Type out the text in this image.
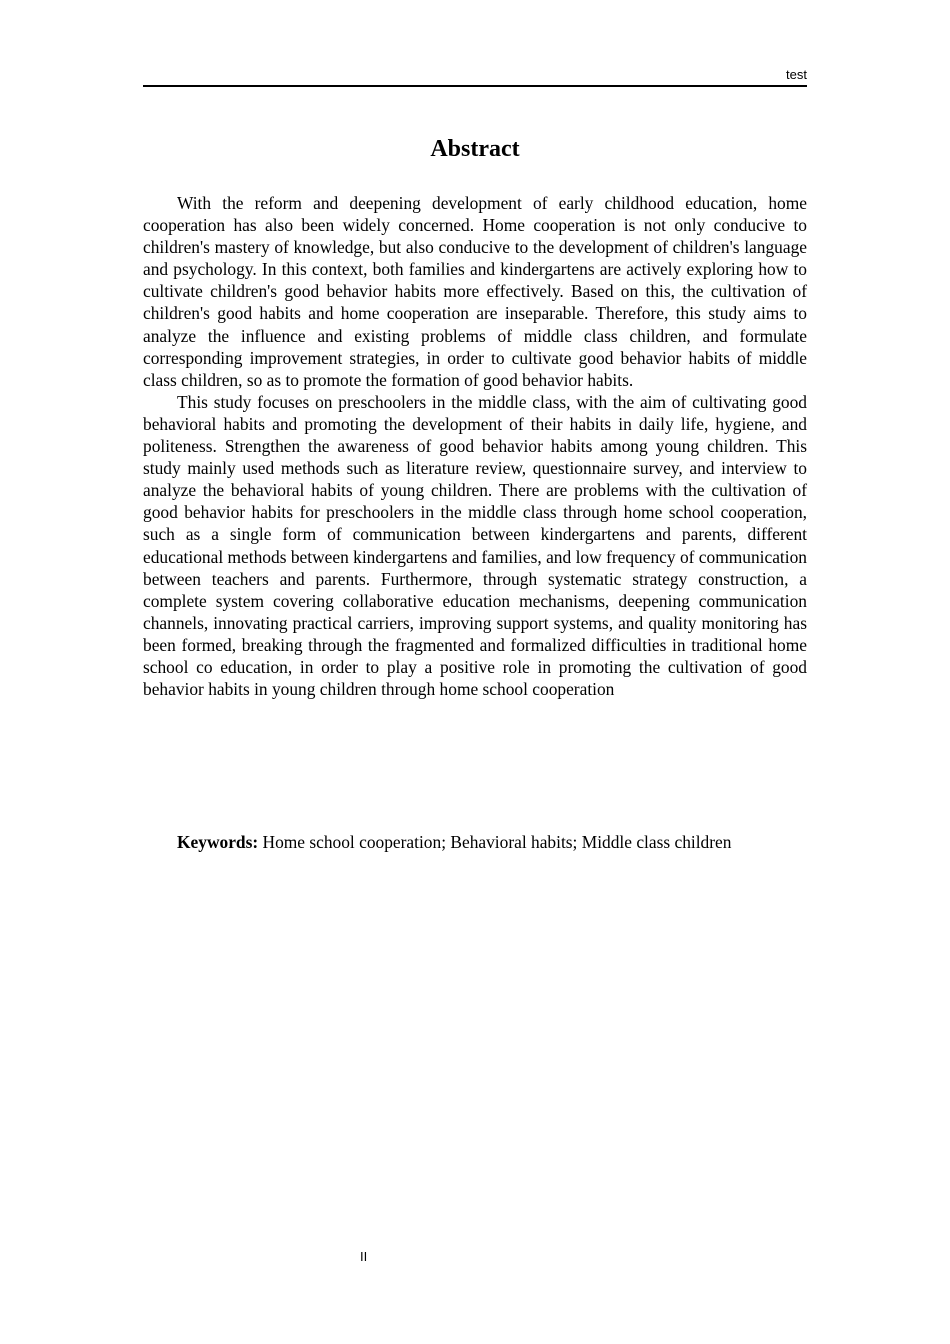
test
Abstract

With the reform and deepening development of early childhood education, home cooperation has also been widely concerned. Home cooperation is not only conducive to children's mastery of knowledge, but also conducive to the development of children's language and psychology. In this context, both families and kindergartens are actively exploring how to cultivate children's good behavior habits more effectively. Based on this, the cultivation of children's good habits and home cooperation are inseparable. Therefore, this study aims to analyze the influence and existing problems of middle class children, and formulate corresponding improvement strategies, in order to cultivate good behavior habits of middle class children, so as to promote the formation of good behavior habits.

This study focuses on preschoolers in the middle class, with the aim of cultivating good behavioral habits and promoting the development of their habits in daily life, hygiene, and politeness. Strengthen the awareness of good behavior habits among young children. This study mainly used methods such as literature review, questionnaire survey, and interview to analyze the behavioral habits of young children. There are problems with the cultivation of good behavior habits for preschoolers in the middle class through home school cooperation, such as a single form of communication between kindergartens and parents, different educational methods between kindergartens and families, and low frequency of communication between teachers and parents. Furthermore, through systematic strategy construction, a complete system covering collaborative education mechanisms, deepening communication channels, innovating practical carriers, improving support systems, and quality monitoring has been formed, breaking through the fragmented and formalized difficulties in traditional home school co education, in order to play a positive role in promoting the cultivation of good behavior habits in young children through home school cooperation

Keywords: Home school cooperation; Behavioral habits; Middle class children

II
